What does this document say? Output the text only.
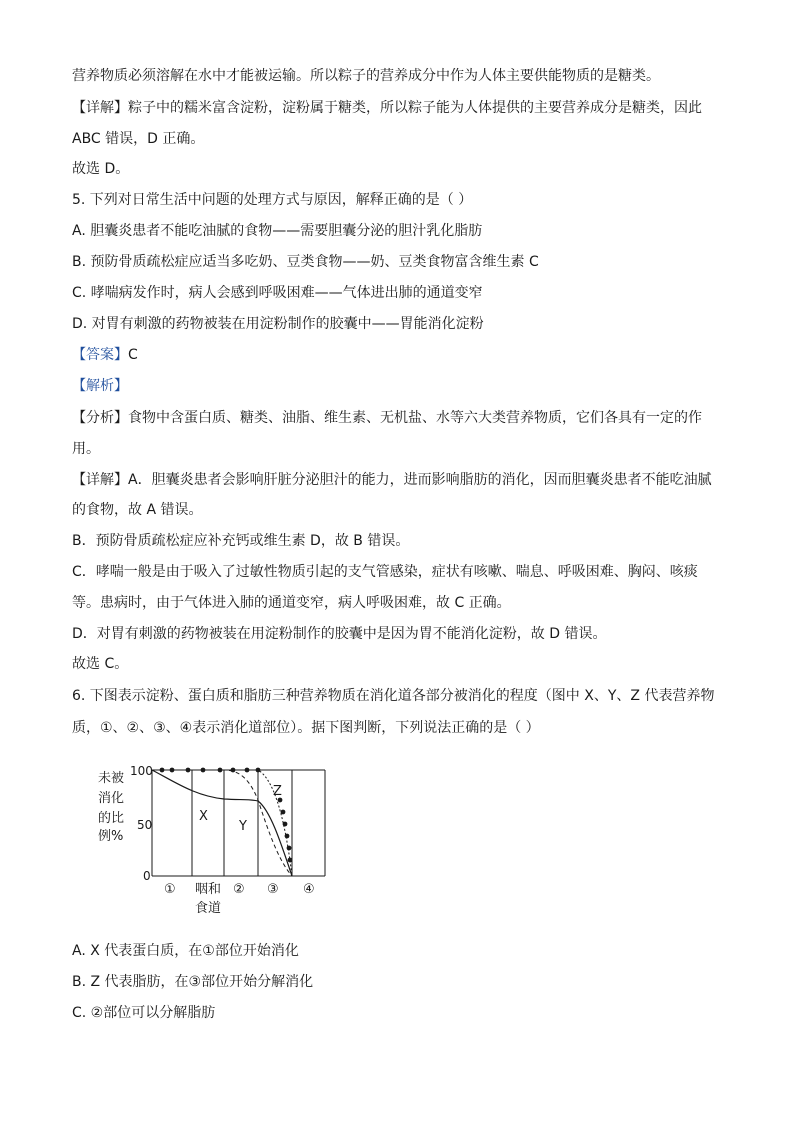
营养物质必须溶解在水中才能被运输。所以粽子的营养成分中作为人体主要供能物质的是糖类。
【详解】粽子中的糯米富含淀粉，淀粉属于糖类，所以粽子能为人体提供的主要营养成分是糖类，因此
ABC 错误，D 正确。
故选 D。
5. 下列对日常生活中问题的处理方式与原因，解释正确的是（ ）
A. 胆囊炎患者不能吃油腻的食物——需要胆囊分泌的胆汁乳化脂肪
B. 预防骨质疏松症应适当多吃奶、豆类食物——奶、豆类食物富含维生素 C
C. 哮喘病发作时，病人会感到呼吸困难——气体进出肺的通道变窄
D. 对胃有刺激的药物被装在用淀粉制作的胶囊中——胃能消化淀粉
【答案】C
【解析】
【分析】食物中含蛋白质、糖类、油脂、维生素、无机盐、水等六大类营养物质，它们各具有一定的作
用。
【详解】A．胆囊炎患者会影响肝脏分泌胆汁的能力，进而影响脂肪的消化，因而胆囊炎患者不能吃油腻
的食物，故 A 错误。
B．预防骨质疏松症应补充钙或维生素 D，故 B 错误。
C．哮喘一般是由于吸入了过敏性物质引起的支气管感染，症状有咳嗽、喘息、呼吸困难、胸闷、咳痰
等。患病时，由于气体进入肺的通道变窄，病人呼吸困难，故 C 正确。
D．对胃有刺激的药物被装在用淀粉制作的胶囊中是因为胃不能消化淀粉，故 D 错误。
故选 C。
6. 下图表示淀粉、蛋白质和脂肪三种营养物质在消化道各部分被消化的程度（图中 X、Y、Z 代表营养物
质，①、②、③、④表示消化道部位）。据下图判断，下列说法正确的是（ ）
未被
消化
的比
例%
100
50
0
① 咽和
食道
② ③ ④
X
Y
Z
A. X 代表蛋白质，在①部位开始消化
B. Z 代表脂肪，在③部位开始分解消化
C. ②部位可以分解脂肪
